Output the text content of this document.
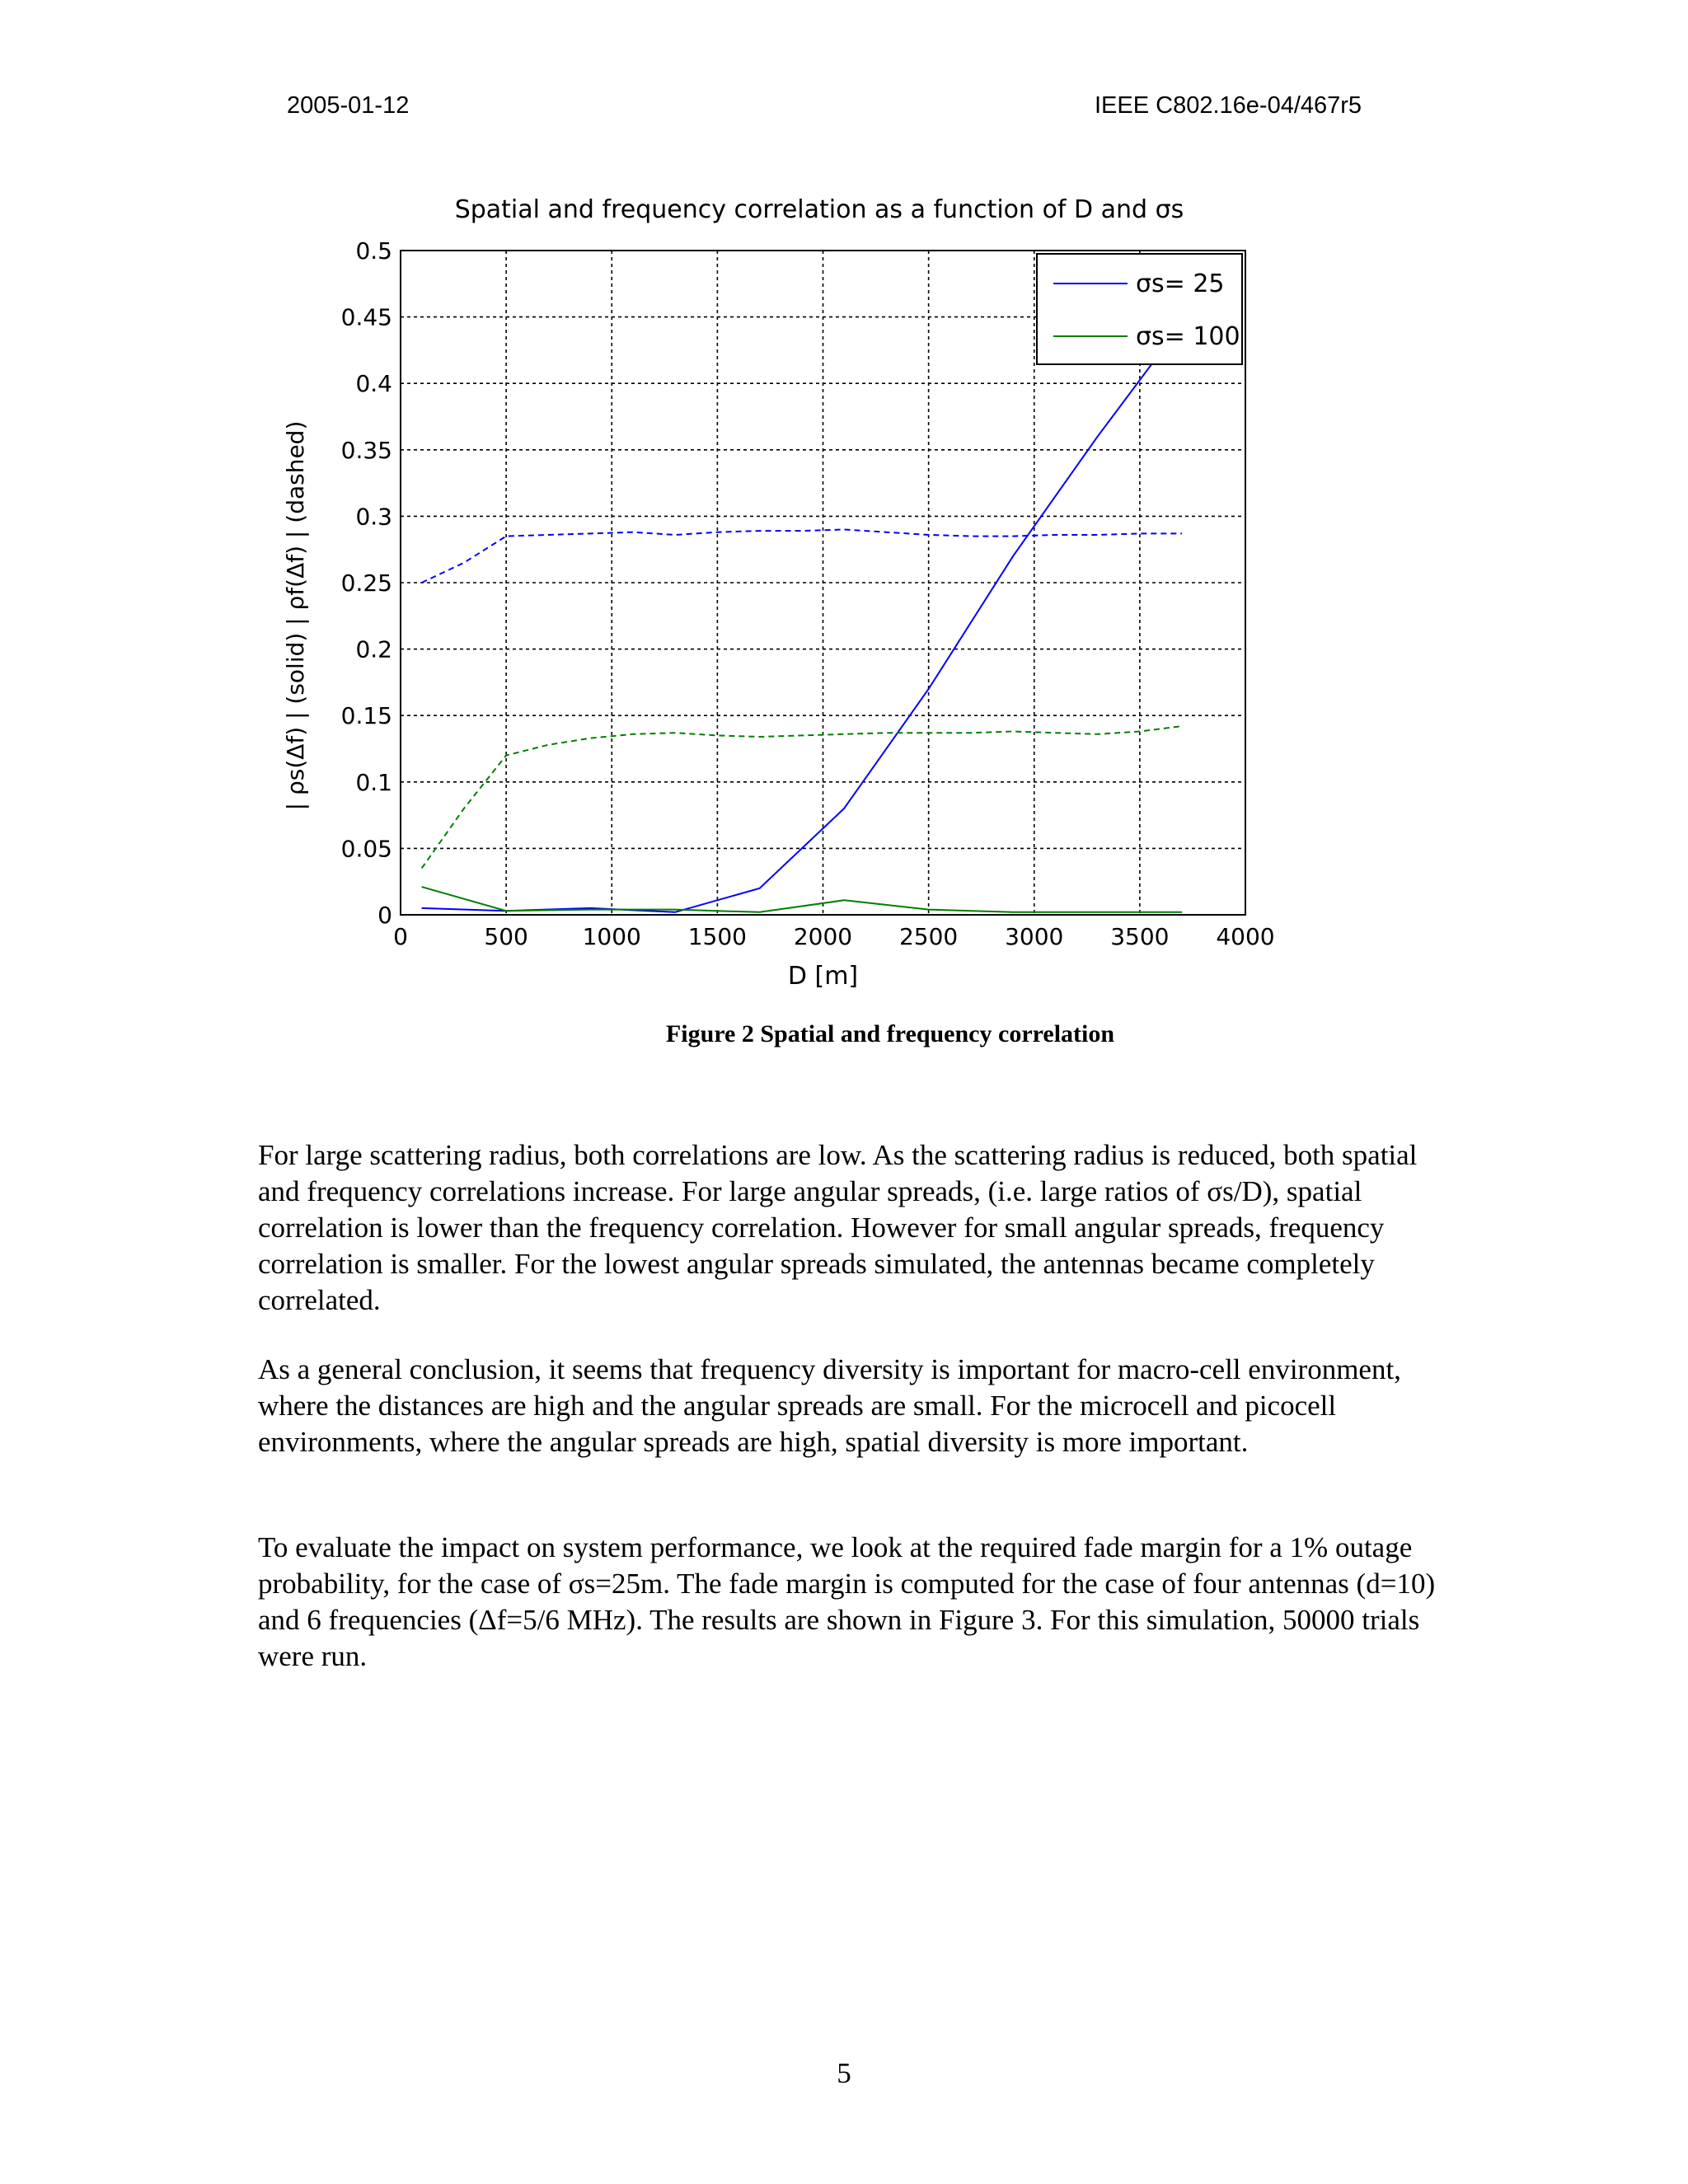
2005-01-12	IEEE C802.16e-04/467r5
Spatial and frequency correlation as a function of D and σs
0	500 1000 1500 2000 2500 3000 3500 4000
0
0.05
0.1
0.15
0.2
0.25
0.3
0.35
0.4
0.45
0.5
D [m]
| ρs(Δf) | (solid) | ρf(Δf) | (dashed)
σs= 25
σs= 100
Figure 2 Spatial and frequency correlation

For large scattering radius, both correlations are low. As the scattering radius is reduced, both spatial and frequency correlations increase. For large angular spreads, (i.e. large ratios of σs/D), spatial correlation is lower than the frequency correlation. However for small angular spreads, frequency correlation is smaller. For the lowest angular spreads simulated, the antennas became completely correlated.

As a general conclusion, it seems that frequency diversity is important for macro-cell environment, where the distances are high and the angular spreads are small. For the microcell and picocell environments, where the angular spreads are high, spatial diversity is more important.

To evaluate the impact on system performance, we look at the required fade margin for a 1% outage probability, for the case of σs=25m. The fade margin is computed for the case of four antennas (d=10) and 6 frequencies (Δf=5/6 MHz). The results are shown in Figure 3. For this simulation, 50000 trials were run.

5
